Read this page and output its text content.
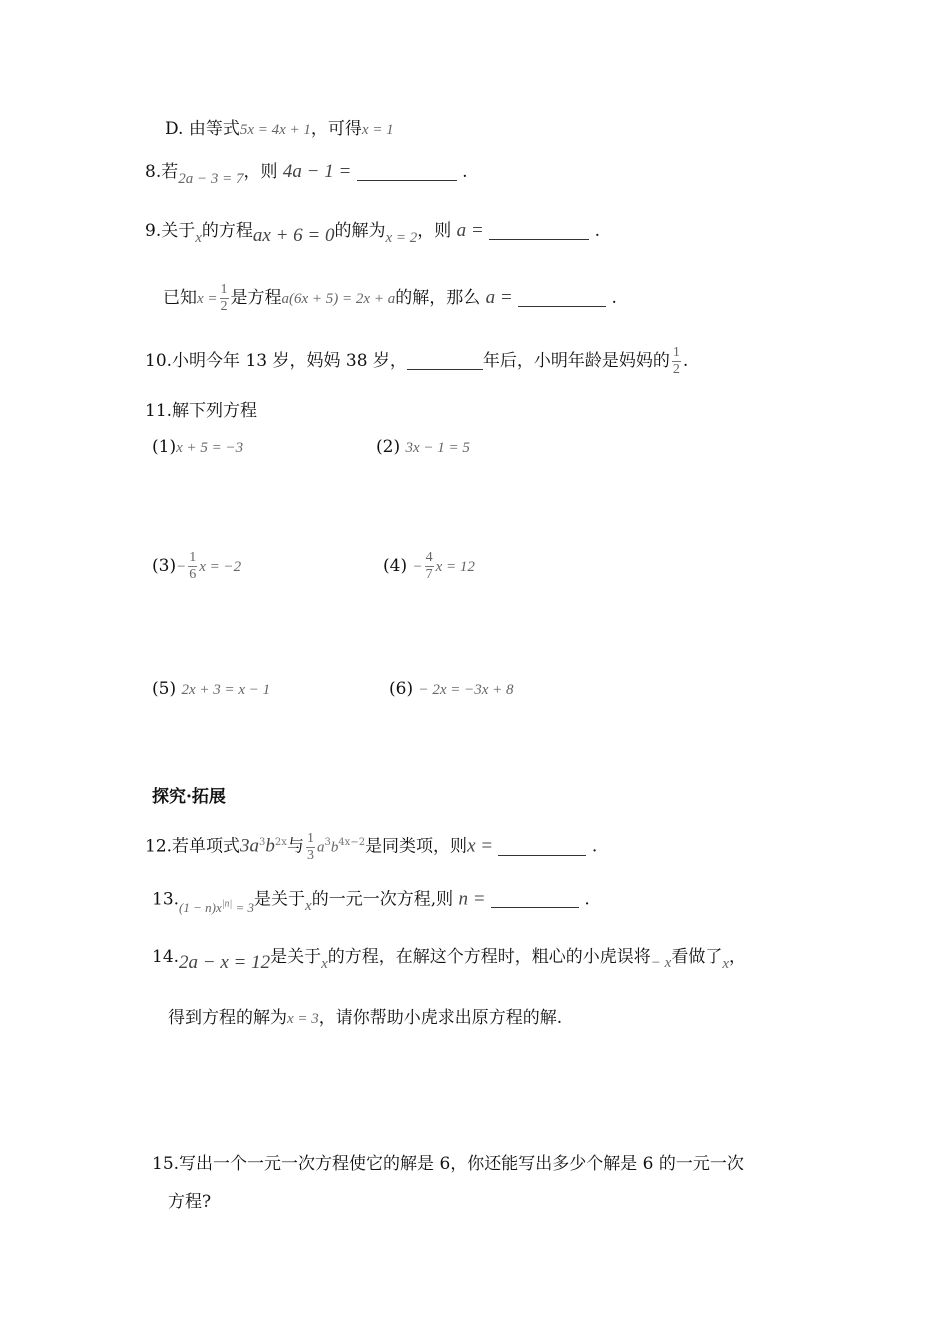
D. 由等式5x = 4x + 1，可得x = 1
8.若2a − 3 = 7，则 4a − 1 =	.
9.关于x的方程ax + 6 = 0的解为x = 2，则 a =	.
已知$x = \frac{1}{2}$ 是方程a(6x + 5) = 2x + a的解，那么 a =	.
10.小明今年 13 岁，妈妈 38 岁，	年后，小明年龄是妈妈的 $\frac{1}{2}$ .
11.解下列方程
(1)x + 5 = −3	(2) 3x − 1 = 5
$(3)- \frac{1}{6}$ x = −2	$(4) - \frac{4}{7}$ x = 12
(5) 2x + 3 = x − 1	(6) − 2x = −3x + 8
探究·拓展
12.若单项式$3a^3b^{2x}$与 $\frac{1}{3} a^3b^{4x-2}$是同类项，则x =	.
$13._{(1 - n)x^{|n|} = 3}$是关于x的一元一次方程,则 n =	.
14.2a − x = 12是关于x的方程，在解这个方程时，粗心的小虎误将− x看做了x，
得到方程的解为x = 3，请你帮助小虎求出原方程的解.
15.写出一个一元一次方程使它的解是 6，你还能写出多少个解是 6 的一元一次
方程?
